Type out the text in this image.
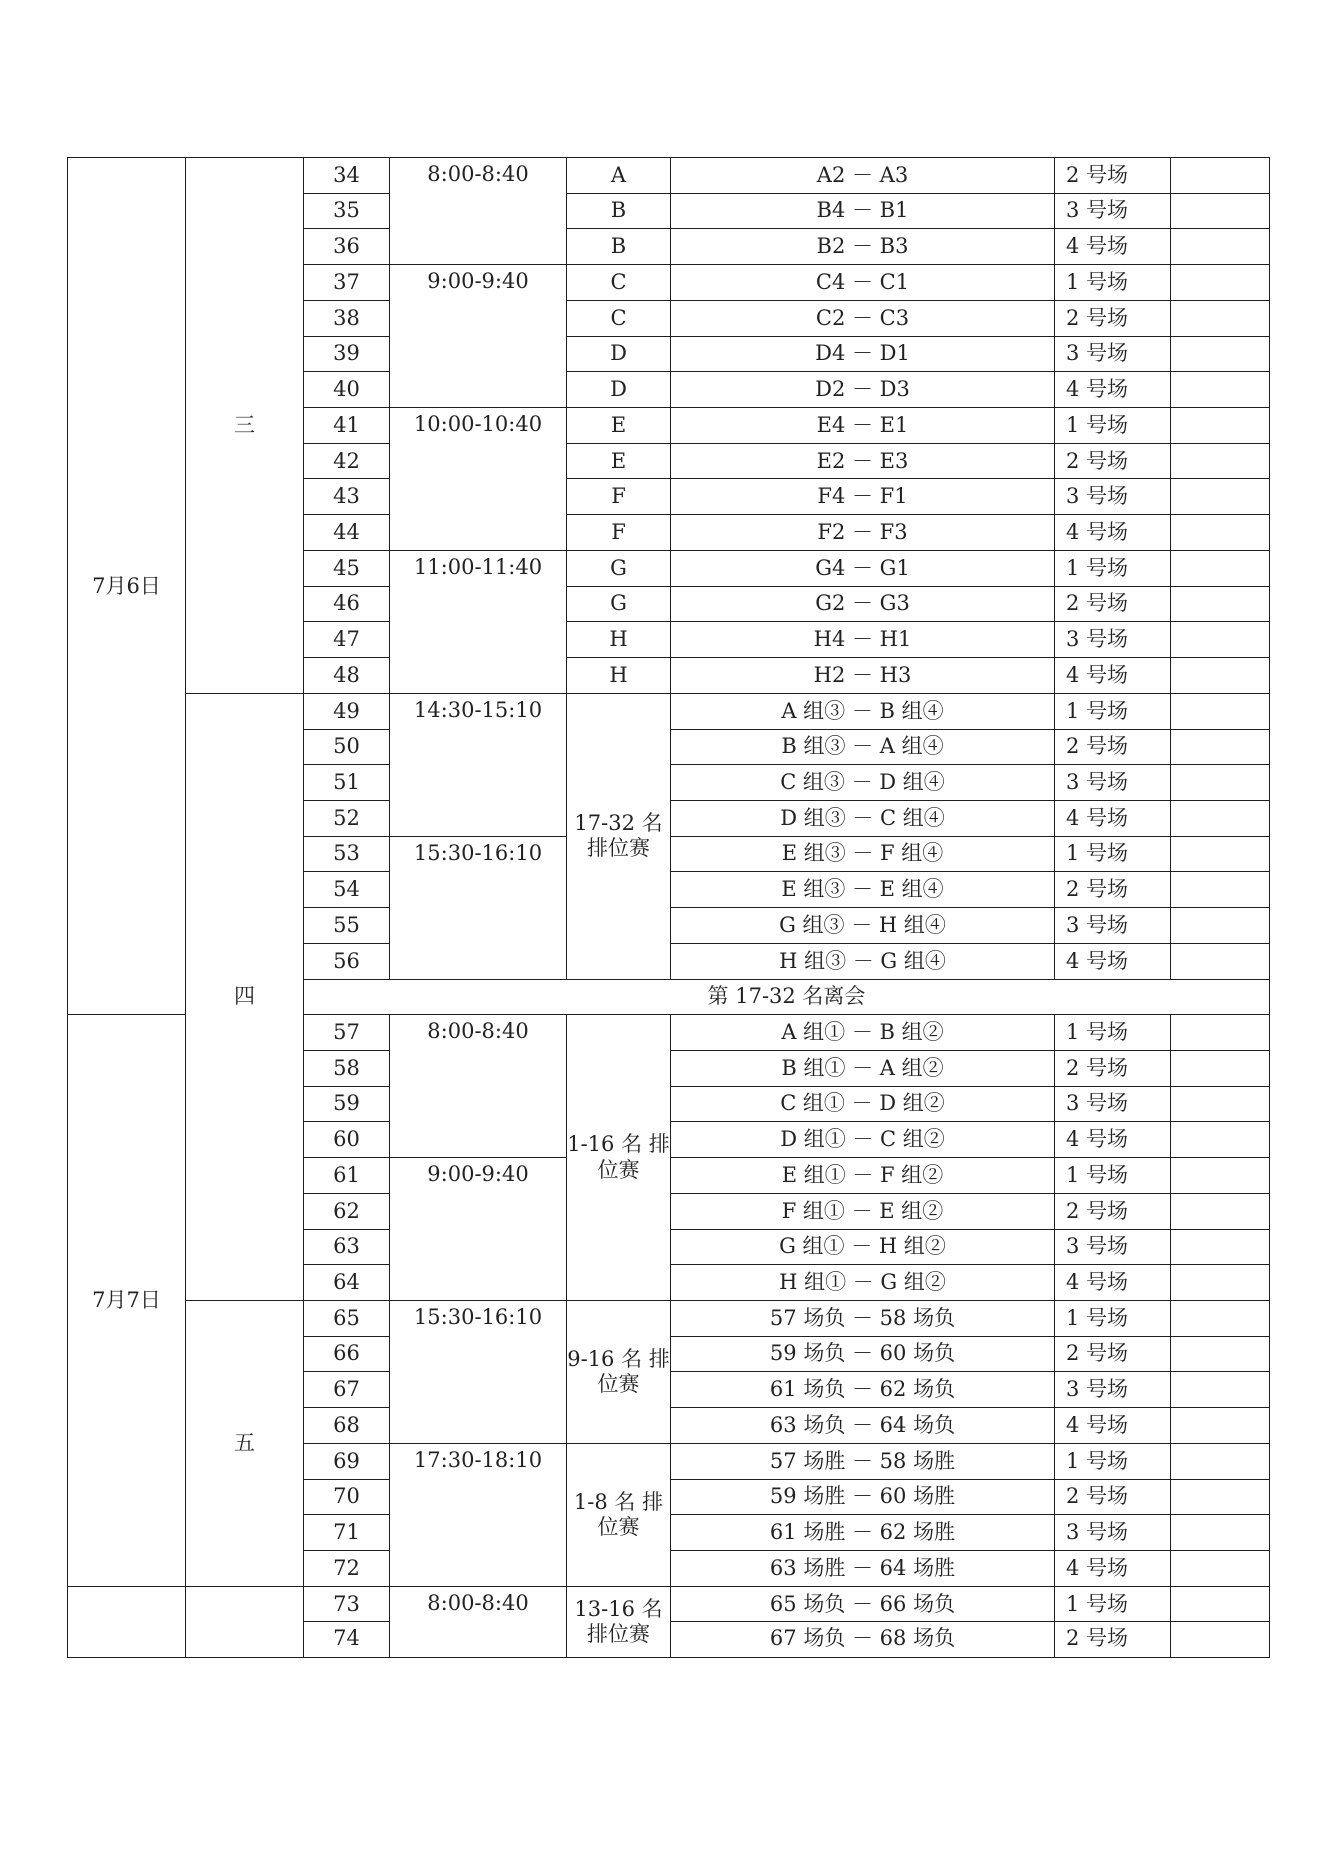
7月6日	三	34	8:00-8:40	A	A2 － A3	2 号场	
		35		B	B4 － B1	3 号场	
		36		B	B2 － B3	4 号场	
		37	9:00-9:40	C	C4 － C1	1 号场	
		38		C	C2 － C3	2 号场	
		39		D	D4 － D1	3 号场	
		40		D	D2 － D3	4 号场	
		41	10:00-10:40	E	E4 － E1	1 号场	
		42		E	E2 － E3	2 号场	
		43		F	F4 － F1	3 号场	
		44		F	F2 － F3	4 号场	
		45	11:00-11:40	G	G4 － G1	1 号场	
		46		G	G2 － G3	2 号场	
		47		H	H4 － H1	3 号场	
		48		H	H2 － H3	4 号场	
	四	49	14:30-15:10	17-32 名 排位赛	A 组③ － B 组④	1 号场	
		50			B 组③ － A 组④	2 号场	
		51			C 组③ － D 组④	3 号场	
		52			D 组③ － C 组④	4 号场	
		53	15:30-16:10		E 组③ － F 组④	1 号场	
		54			E 组③ － E 组④	2 号场	
		55			G 组③ － H 组④	3 号场	
		56			H 组③ － G 组④	4 号场	
		第 17-32 名离会					
7月7日		57	8:00-8:40	1-16 名 排位赛	A 组① － B 组②	1 号场	
		58			B 组① － A 组②	2 号场	
		59			C 组① － D 组②	3 号场	
		60			D 组① － C 组②	4 号场	
		61	9:00-9:40		E 组① － F 组②	1 号场	
		62			F 组① － E 组②	2 号场	
		63			G 组① － H 组②	3 号场	
		64			H 组① － G 组②	4 号场	
	五	65	15:30-16:10	9-16 名 排位赛	57 场负 － 58 场负	1 号场	
		66			59 场负 － 60 场负	2 号场	
		67			61 场负 － 62 场负	3 号场	
		68			63 场负 － 64 场负	4 号场	
		69	17:30-18:10	1-8 名 排位赛	57 场胜 － 58 场胜	1 号场	
		70			59 场胜 － 60 场胜	2 号场	
		71			61 场胜 － 62 场胜	3 号场	
		72			63 场胜 － 64 场胜	4 号场	
		73	8:00-8:40	13-16 名 排位赛	65 场负 － 66 场负	1 号场	
		74			67 场负 － 68 场负	2 号场	
